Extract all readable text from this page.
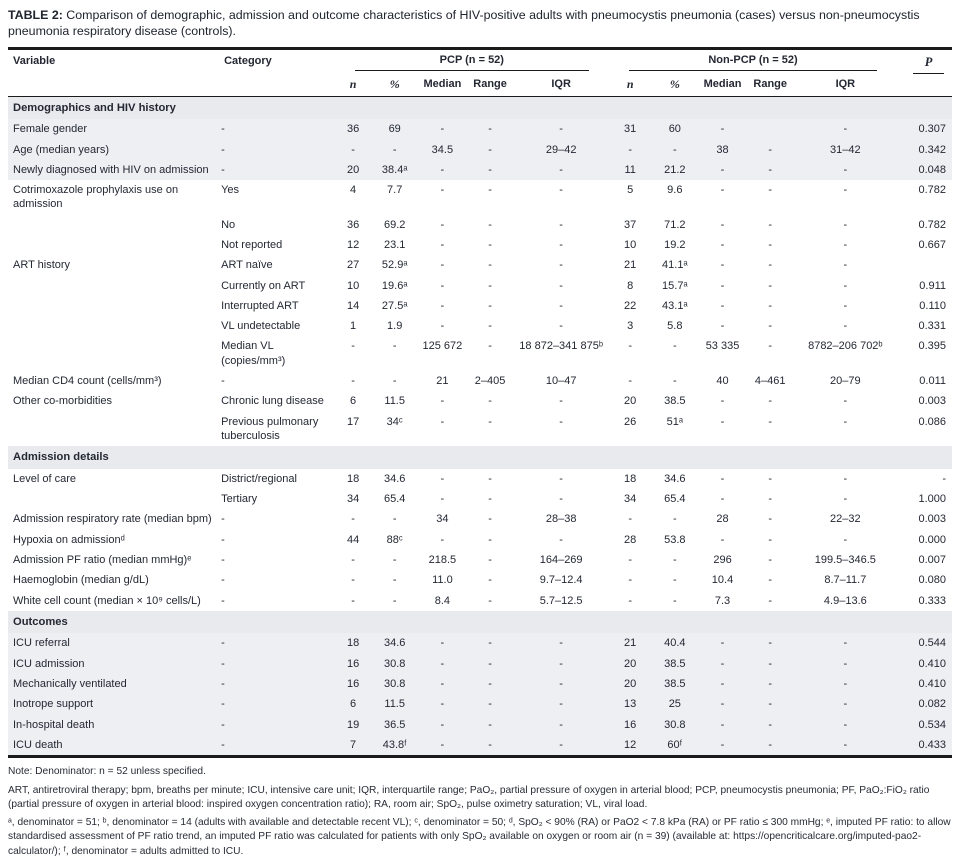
TABLE 2: Comparison of demographic, admission and outcome characteristics of HIV-positive adults with pneumocystis pneumonia (cases) versus non-pneumocystis pneumonia respiratory disease (controls).

Variable	Category	PCP (n = 52)					Non-PCP (n = 52)					P

		n	%	Median	Range	IQR	n	%	Median	Range	IQR	
Demographics and HIV history												
Female gender	-	36	69	-	-	-	31	60	-		-	0.307
Age (median years)	-	-	-	34.5	-	29–42	-	-	38	-	31–42	0.342
Newly diagnosed with HIV on admission	-	20	38.4ᵃ	-	-	-	11	21.2	-	-	-	0.048
Cotrimoxazole prophylaxis use on admission	Yes	4	7.7	-	-	-	5	9.6	-	-	-	0.782
	No	36	69.2	-	-	-	37	71.2	-	-	-	0.782
	Not reported	12	23.1	-	-	-	10	19.2	-	-	-	0.667
ART history	ART naïve	27	52.9ᵃ	-	-	-	21	41.1ᵃ	-	-	-	
	Currently on ART	10	19.6ᵃ	-	-	-	8	15.7ᵃ	-	-	-	0.911
	Interrupted ART	14	27.5ᵃ	-	-	-	22	43.1ᵃ	-	-	-	0.110
	VL undetectable	1	1.9	-	-	-	3	5.8	-	-	-	0.331
	Median VL (copies/mm³)	-	-	125 672	-	18 872–341 875ᵇ	-	-	53 335	-	8782–206 702ᵇ	0.395
Median CD4 count (cells/mm³)	-	-	-	21	2–405	10–47	-	-	40	4–461	20–79	0.011
Other co-morbidities	Chronic lung disease	6	11.5	-	-	-	20	38.5	-	-	-	0.003
	Previous pulmonary tuberculosis	17	34ᶜ	-	-	-	26	51ᵃ	-	-	-	0.086
Admission details												
Level of care	District/regional	18	34.6	-	-	-	18	34.6	-	-	-	-
	Tertiary	34	65.4	-	-	-	34	65.4	-	-	-	1.000
Admission respiratory rate (median bpm)	-	-	-	34	-	28–38	-	-	28	-	22–32	0.003
Hypoxia on admissionᵈ	-	44	88ᶜ	-	-	-	28	53.8	-	-	-	0.000
Admission PF ratio (median mmHg)ᵉ	-	-	-	218.5	-	164–269	-	-	296	-	199.5–346.5	0.007
Haemoglobin (median g/dL)	-	-	-	11.0	-	9.7–12.4	-	-	10.4	-	8.7–11.7	0.080
White cell count (median × 10⁹ cells/L)	-	-	-	8.4	-	5.7–12.5	-	-	7.3	-	4.9–13.6	0.333
Outcomes												
ICU referral	-	18	34.6	-	-	-	21	40.4	-	-	-	0.544
ICU admission	-	16	30.8	-	-	-	20	38.5	-	-	-	0.410
Mechanically ventilated	-	16	30.8	-	-	-	20	38.5	-	-	-	0.410
Inotrope support	-	6	11.5	-	-	-	13	25	-	-	-	0.082
In-hospital death	-	19	36.5	-	-	-	16	30.8	-	-	-	0.534
ICU death	-	7	43.8ᶠ	-	-	-	12	60ᶠ	-	-	-	0.433

Note: Denominator: n = 52 unless specified.

ART, antiretroviral therapy; bpm, breaths per minute; ICU, intensive care unit; IQR, interquartile range; PaO₂, partial pressure of oxygen in arterial blood; PCP, pneumocystis pneumonia; PF, PaO₂:FiO₂ ratio (partial pressure of oxygen in arterial blood: inspired oxygen concentration ratio); RA, room air; SpO₂, pulse oximetry saturation; VL, viral load.

ᵃ, denominator = 51; ᵇ, denominator = 14 (adults with available and detectable recent VL); ᶜ, denominator = 50; ᵈ, SpO₂ < 90% (RA) or PaO2 < 7.8 kPa (RA) or PF ratio ≤ 300 mmHg; ᵉ, imputed PF ratio: to allow standardised assessment of PF ratio trend, an imputed PF ratio was calculated for patients with only SpO₂ available on oxygen or room air (n = 39) (available at: https://opencriticalcare.org/imputed-pao2-calculator/); ᶠ, denominator = adults admitted to ICU.
